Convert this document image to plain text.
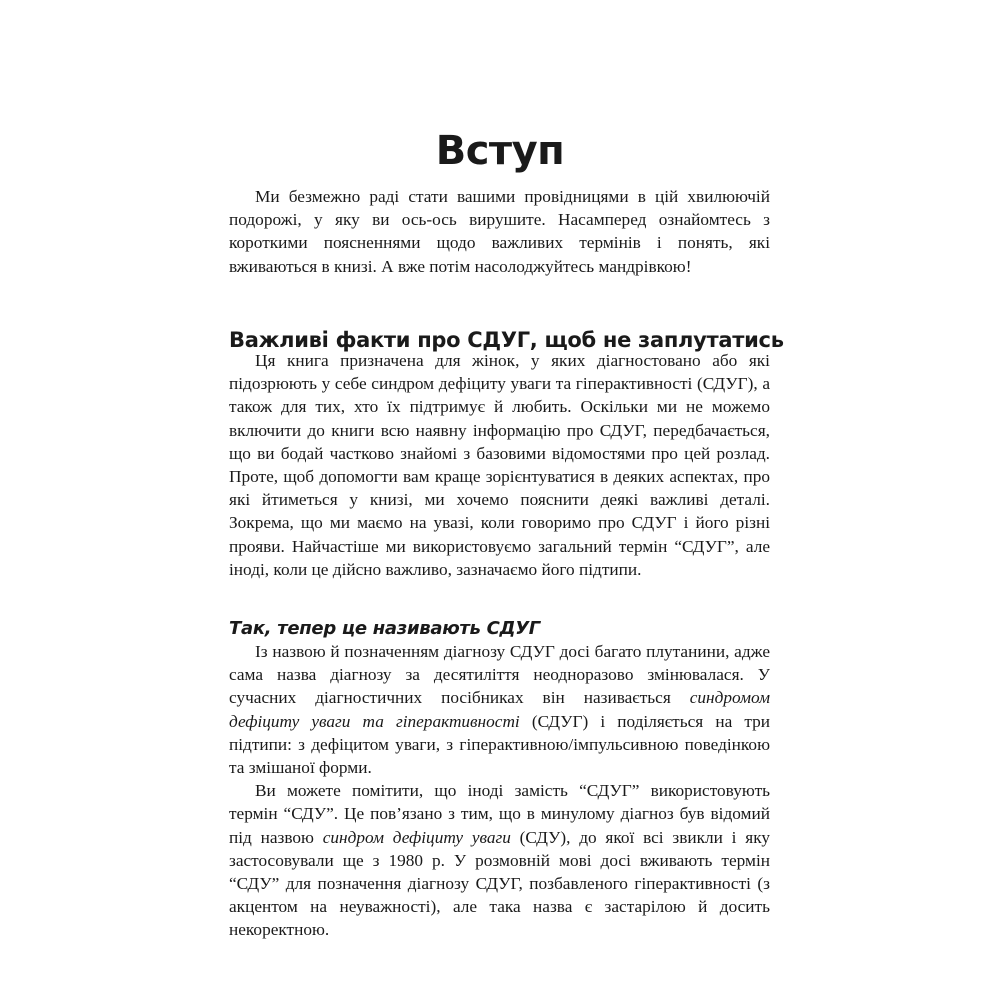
Вступ

Ми безмежно раді стати вашими провідницями в цій хвилюючій подорожі, у яку ви ось-ось вирушите. Насамперед ознайомтесь з короткими поясненнями щодо важливих термінів і понять, які вживаються в книзі. А вже потім насолоджуйтесь мандрівкою!

Важливі факти про СДУГ, щоб не заплутатись

Ця книга призначена для жінок, у яких діагностовано або які підозрюють у себе синдром дефіциту уваги та гіперактивності (СДУГ), а також для тих, хто їх підтримує й любить. Оскільки ми не можемо включити до книги всю наявну інформацію про СДУГ, передбачається, що ви бодай частково знайомі з базовими відомостями про цей розлад. Проте, щоб допомогти вам краще зорієнтуватися в деяких аспектах, про які йтиметься у книзі, ми хочемо пояснити деякі важливі деталі. Зокрема, що ми маємо на увазі, коли говоримо про СДУГ і його різні прояви. Найчастіше ми використовуємо загальний термін “СДУГ”, але іноді, коли це дійсно важливо, зазначаємо його підтипи.

Так, тепер це називають СДУГ

Із назвою й позначенням діагнозу СДУГ досі багато плутанини, адже сама назва діагнозу за десятиліття неодноразово змінювалася. У сучасних діагностичних посібниках він називається синдромом дефіциту уваги та гіперактивності (СДУГ) і поділяється на три підтипи: з дефіцитом уваги, з гіперактивною/імпульсивною поведінкою та змішаної форми.

Ви можете помітити, що іноді замість “СДУГ” використовують термін “СДУ”. Це пов’язано з тим, що в минулому діагноз був відомий під назвою синдром дефіциту уваги (СДУ), до якої всі звикли і яку застосовували ще з 1980 р. У розмовній мові досі вживають термін “СДУ” для позначення діагнозу СДУГ, позбавленого гіперактивності (з акцентом на неуважності), але така назва є застарілою й досить некоректною.
